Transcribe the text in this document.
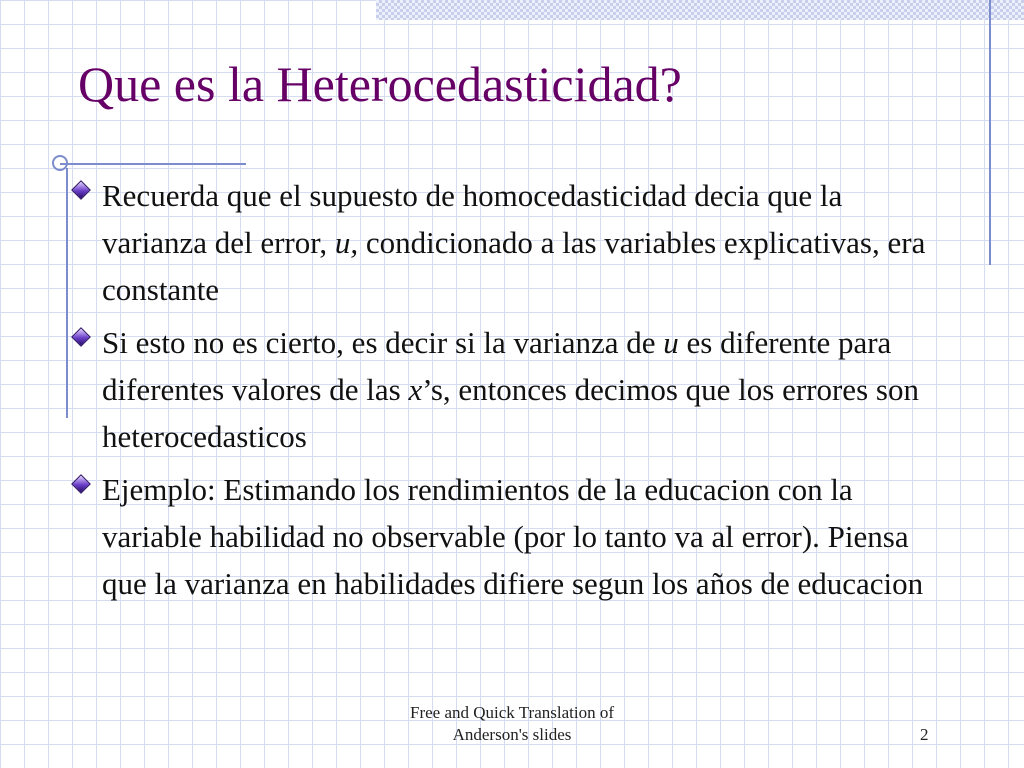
Que es la Heterocedasticidad?
Recuerda que el supuesto de homocedasticidad decia que la varianza del error, u, condicionado a las variables explicativas, era constante
Si esto no es cierto, es decir si la varianza de u es diferente para diferentes valores de las x’s, entonces decimos que los errores son heterocedasticos
Ejemplo: Estimando los rendimientos de la educacion con la variable habilidad no observable (por lo tanto va al error). Piensa que la varianza en habilidades difiere segun los años de educacion
Free and Quick Translation of
Anderson's slides	2
